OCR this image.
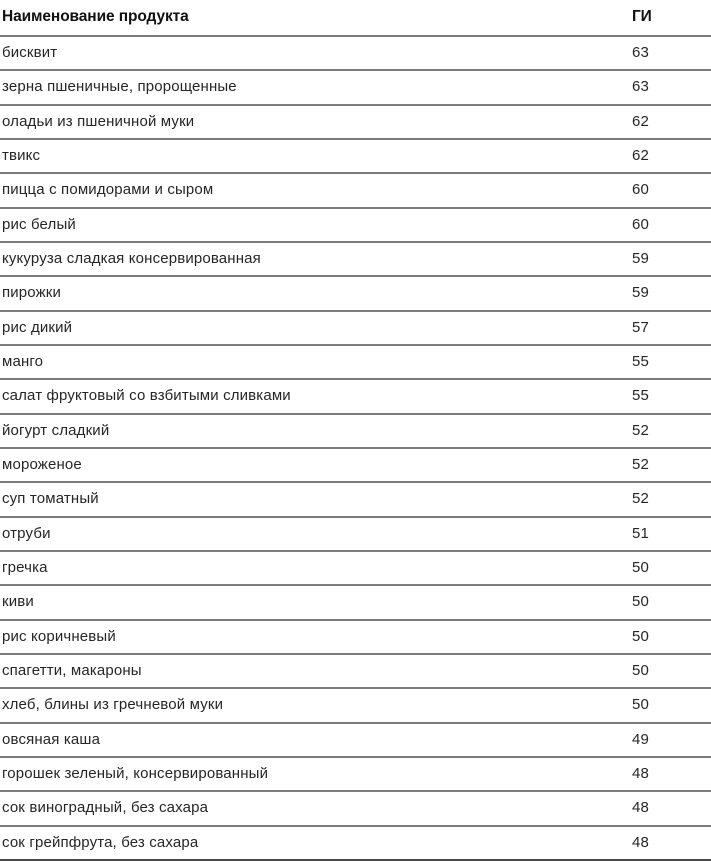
Наименование продукта	ГИ
бисквит	63
зерна пшеничные, пророщенные	63
оладьи из пшеничной муки	62
твикс	62
пицца с помидорами и сыром	60
рис белый	60
кукуруза сладкая консервированная	59
пирожки	59
рис дикий	57
манго	55
салат фруктовый со взбитыми сливками	55
йогурт сладкий	52
мороженое	52
суп томатный	52
отруби	51
гречка	50
киви	50
рис коричневый	50
спагетти, макароны	50
хлеб, блины из гречневой муки	50
овсяная каша	49
горошек зеленый, консервированный	48
сок виноградный, без сахара	48
сок грейпфрута, без сахара	48
